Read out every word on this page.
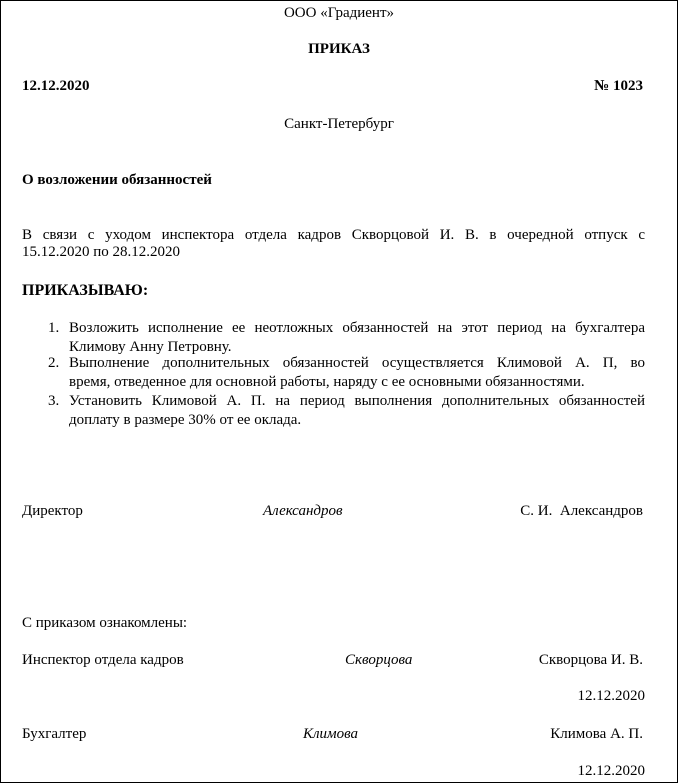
ООО «Градиент»
ПРИКАЗ
12.12.2020	№ 1023
Санкт-Петербург
О возложении обязанностей
В связи с уходом инспектора отдела кадров Скворцовой И. В. в очередной отпуск с
15.12.2020 по 28.12.2020
ПРИКАЗЫВАЮ:
1. Возложить исполнение ее неотложных обязанностей на этот период на бухгалтера
Климову Анну Петровну.
2. Выполнение дополнительных обязанностей осуществляется Климовой А. П, во
время, отведенное для основной работы, наряду с ее основными обязанностями.
3. Установить Климовой А. П. на период выполнения дополнительных обязанностей
доплату в размере 30% от ее оклада.
Директор	Александров	С. И.  Александров
С приказом ознакомлены:
Инспектор отдела кадров	Скворцова	Скворцова И. В.
12.12.2020
Бухгалтер	Климова	Климова А. П.
12.12.2020
